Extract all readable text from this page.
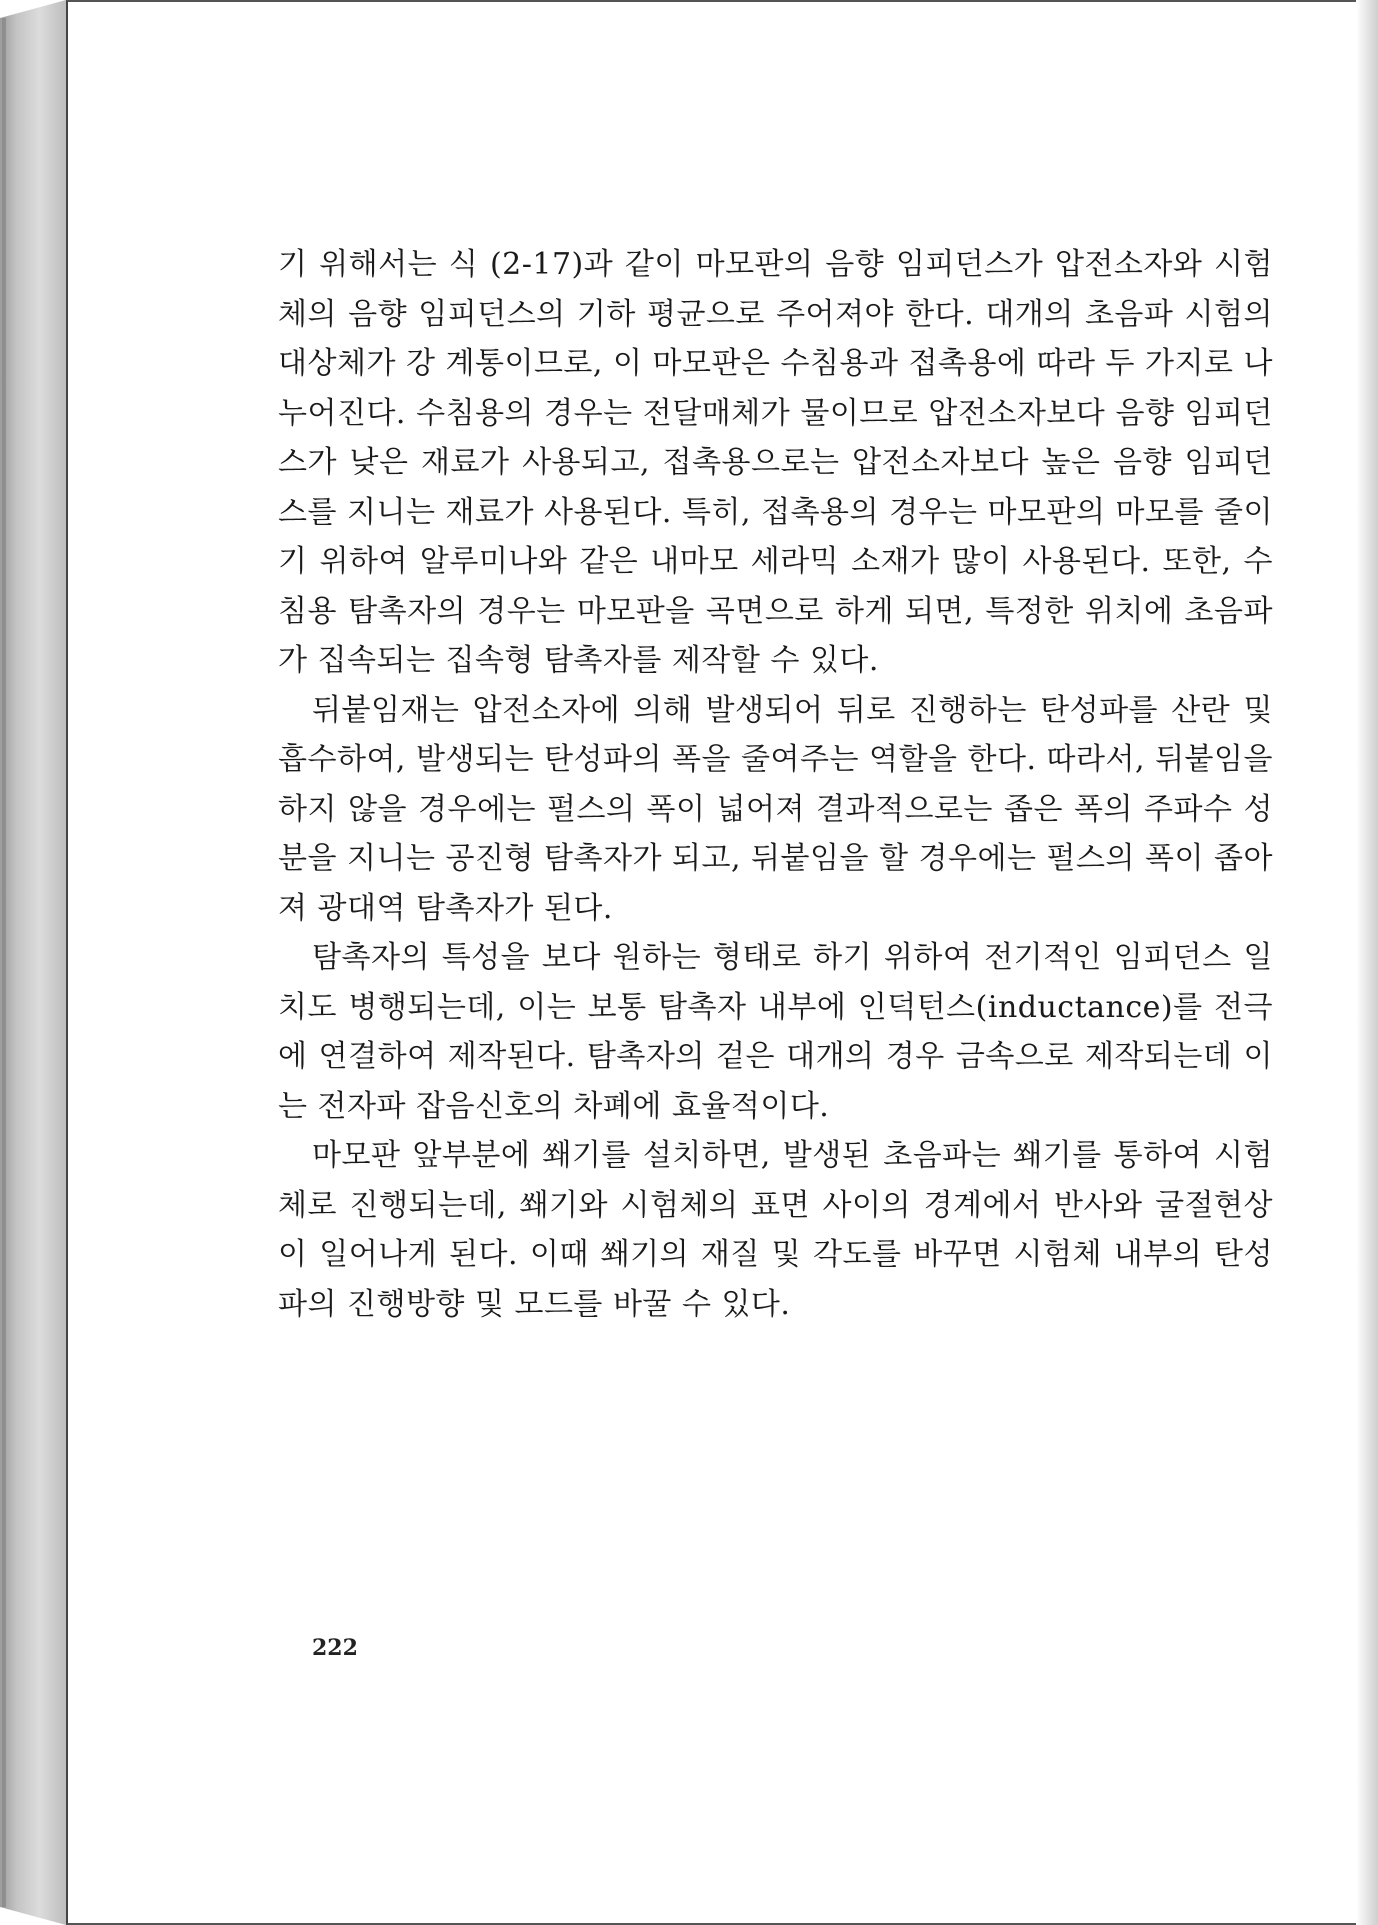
기 위해서는 식 (2-17)과 같이 마모판의 음향 임피던스가 압전소자와 시험체의 음향 임피던스의 기하 평균으로 주어져야 한다. 대개의 초음파 시험의 대상체가 강 계통이므로, 이 마모판은 수침용과 접촉용에 따라 두 가지로 나누어진다. 수침용의 경우는 전달매체가 물이므로 압전소자보다 음향 임피던스가 낮은 재료가 사용되고, 접촉용으로는 압전소자보다 높은 음향 임피던스를 지니는 재료가 사용된다. 특히, 접촉용의 경우는 마모판의 마모를 줄이기 위하여 알루미나와 같은 내마모 세라믹 소재가 많이 사용된다. 또한, 수침용 탐촉자의 경우는 마모판을 곡면으로 하게 되면, 특정한 위치에 초음파가 집속되는 집속형 탐촉자를 제작할 수 있다.

뒤붙임재는 압전소자에 의해 발생되어 뒤로 진행하는 탄성파를 산란 및 흡수하여, 발생되는 탄성파의 폭을 줄여주는 역할을 한다. 따라서, 뒤붙임을 하지 않을 경우에는 펄스의 폭이 넓어져 결과적으로는 좁은 폭의 주파수 성분을 지니는 공진형 탐촉자가 되고, 뒤붙임을 할 경우에는 펄스의 폭이 좁아져 광대역 탐촉자가 된다.

탐촉자의 특성을 보다 원하는 형태로 하기 위하여 전기적인 임피던스 일치도 병행되는데, 이는 보통 탐촉자 내부에 인덕턴스(inductance)를 전극에 연결하여 제작된다. 탐촉자의 겉은 대개의 경우 금속으로 제작되는데 이는 전자파 잡음신호의 차폐에 효율적이다.

마모판 앞부분에 쐐기를 설치하면, 발생된 초음파는 쐐기를 통하여 시험체로 진행되는데, 쐐기와 시험체의 표면 사이의 경계에서 반사와 굴절현상이 일어나게 된다. 이때 쐐기의 재질 및 각도를 바꾸면 시험체 내부의 탄성파의 진행방향 및 모드를 바꿀 수 있다.

222
